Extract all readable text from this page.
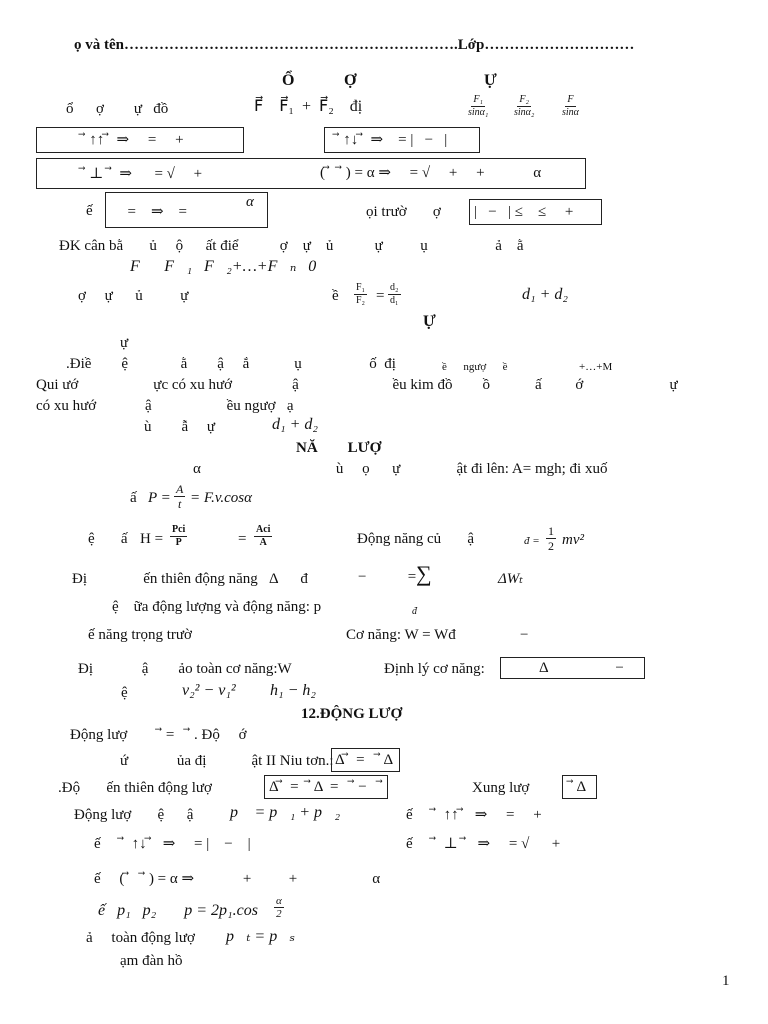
ọ và tên………………………………………………………….Lớp…………………………
Ổ	Ợ	Ự
ổ      ợ        ự   đồ	F⃗    F⃗₁  +  F⃗₂    đị	$\frac{\text{F₁}}{\text{sinα₁}} \frac{\text{F₂}}{\text{sinα₂}} \frac{F}{\sin\alpha}$
⃗ ↑↑ ⃗  ⇒     =     +	⃗ ↑↓ ⃗  ⇒    = |   −   |
⃗ ⊥  ⃗  ⇒      = √     +	( ⃗   ⃗ ) = α ⇒     = √     +     +             α
ế =    ⇒    =
α
ọi trườ       ợ |   −   | ≤    ≤     +
ĐK cân bằ       ủ     ộ      ất điể           ợ    ự    ủ           ự          ụ                  ả    ằ
F⃗   F⃗₁   F⃗₂+…+F⃗ₙ   0⃗
ợ     ự      ủ          ự	ề $\frac{\text{F₁}}{\text{F₂}} = \frac{\text{d₂}}{\text{d₁}}$	d₁ + d₂
Ự
ự
.Điề        ệ              ằ        ậ     ắ            ụ                  ố  đị	ề      ngượ      ề                          +…+M
Qui ướ                    ực có xu hướ                ậ                         ều kim đồ        ồ            ấ         ớ                       ự
có xu hướ             ậ                    ều ngượ   ạ
ù        ẫ     ự	d₁ + d₂
NĂ        LƯỢ
α                                    ù     ọ      ự               ật đi lên: A= mgh; đi xuố
ấ $P = \frac{A}{t} = F.v.\cos\alpha$
ệ       ấ H =
Pci
P	=
Aci
A	Động năng củ       ậ	đ = $\frac{1}{2} mv^2$
Đị               ến thiên động năng   Δ      đ	−           = ∑	ΔWₜ
ệ    ữa động lượng và động năng: p	đ
ế năng trọng trườ	Cơ năng: W = Wđ	−
Đị             ậ        ảo toàn cơ năng:W	Định lý cơ năng:	Δ                  −
ệ	v₂² − v₁² h₁ − h₂
12.ĐỘNG LƯỢ
Động lượ         ⃗ =    ⃗ . Độ     ớ
ứ             ủa đị            ật II Niu tơn.: Δ ⃗  =    ⃗ Δ
.Độ       ến thiên động lượ	Δ ⃗  =   ⃗ Δ  =    ⃗ −    ⃗	Xung lượ ⃗ Δ
Động lượ       ệ      ậ p⃗ = p⃗₁ + p⃗₂	ế      ⃗  ↑↑ ⃗   ⇒     =     +
ế      ⃗  ↑↓ ⃗   ⇒     = |    −    |	ế      ⃗  ⊥  ⃗   ⇒     = √      +
ế     ( ⃗    ⃗ ) = α ⇒             +          +                    α
ế   p₁   p₂       $p = 2p_1.\cos \frac{\alpha}{2}$
ả     toàn động lượ p⃗ₜ = p⃗ₛ
ạm đàn hồ
1
